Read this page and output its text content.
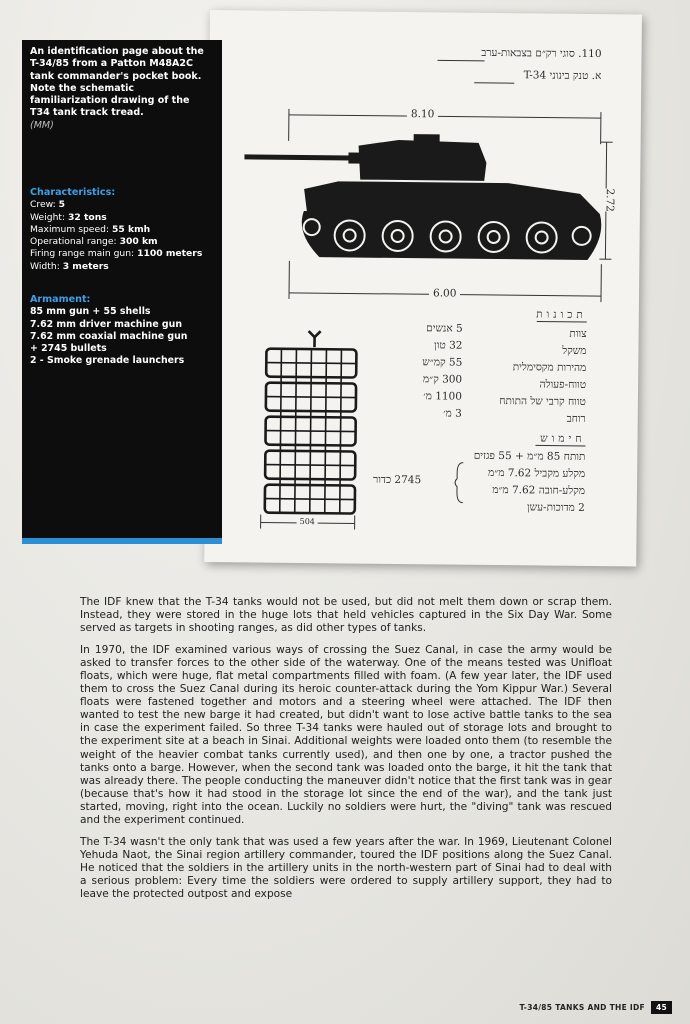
110. סוגי רק״ם בצבאות-ערב
א. טנק בינוני T-34
8.10
2.72
6.00
504
תכונות
צוות
משקל
מהירות מקסימלית
טווח-פעולה
טווח קרבי של התותח
רוחב
5 אנשים
32 טון
55 קמ״ש
300 ק״מ
1100 מ׳
3 מ׳
חימוש
תותח 85 מ״מ + 55 פגזים
מקלע מקביל 7.62 מ״מ
מקלע-חובה 7.62 מ״מ
2 מדוכות-עשן
2745 כדור
An identification page about the T-34/85 from a Patton M48A2C tank commander's pocket book. Note the schematic familiarization drawing of the T34 tank track tread.
(MM)
Characteristics:
Crew: 5
Weight: 32 tons
Maximum speed: 55 kmh
Operational range: 300 km
Firing range main gun: 1100 meters
Width: 3 meters
Armament:
85 mm gun + 55 shells
7.62 mm driver machine gun
7.62 mm coaxial machine gun
+ 2745 bullets
2 - Smoke grenade launchers

The IDF knew that the T-34 tanks would not be used, but did not melt them down or scrap them. Instead, they were stored in the huge lots that held vehicles captured in the Six Day War. Some served as targets in shooting ranges, as did other types of tanks.

In 1970, the IDF examined various ways of crossing the Suez Canal, in case the army would be asked to transfer forces to the other side of the waterway. One of the means tested was Unifloat floats, which were huge, flat metal compartments filled with foam. (A few year later, the IDF used them to cross the Suez Canal during its heroic counter-attack during the Yom Kippur War.) Several floats were fastened together and motors and a steering wheel were attached. The IDF then wanted to test the new barge it had created, but didn't want to lose active battle tanks to the sea in case the experiment failed. So three T-34 tanks were hauled out of storage lots and brought to the experiment site at a beach in Sinai. Additional weights were loaded onto them (to resemble the weight of the heavier combat tanks currently used), and then one by one, a tractor pushed the tanks onto a barge. However, when the second tank was loaded onto the barge, it hit the tank that was already there. The people conducting the maneuver didn't notice that the first tank was in gear (because that's how it had stood in the storage lot since the end of the war), and the tank just started, moving, right into the ocean. Luckily no soldiers were hurt, the "diving" tank was rescued and the experiment continued.

The T-34 wasn't the only tank that was used a few years after the war. In 1969, Lieutenant Colonel Yehuda Naot, the Sinai region artillery commander, toured the IDF positions along the Suez Canal. He noticed that the soldiers in the artillery units in the north-western part of Sinai had to deal with a serious problem: Every time the soldiers were ordered to supply artillery support, they had to leave the protected outpost and expose

T-34/85 TANKS AND THE IDF 45
